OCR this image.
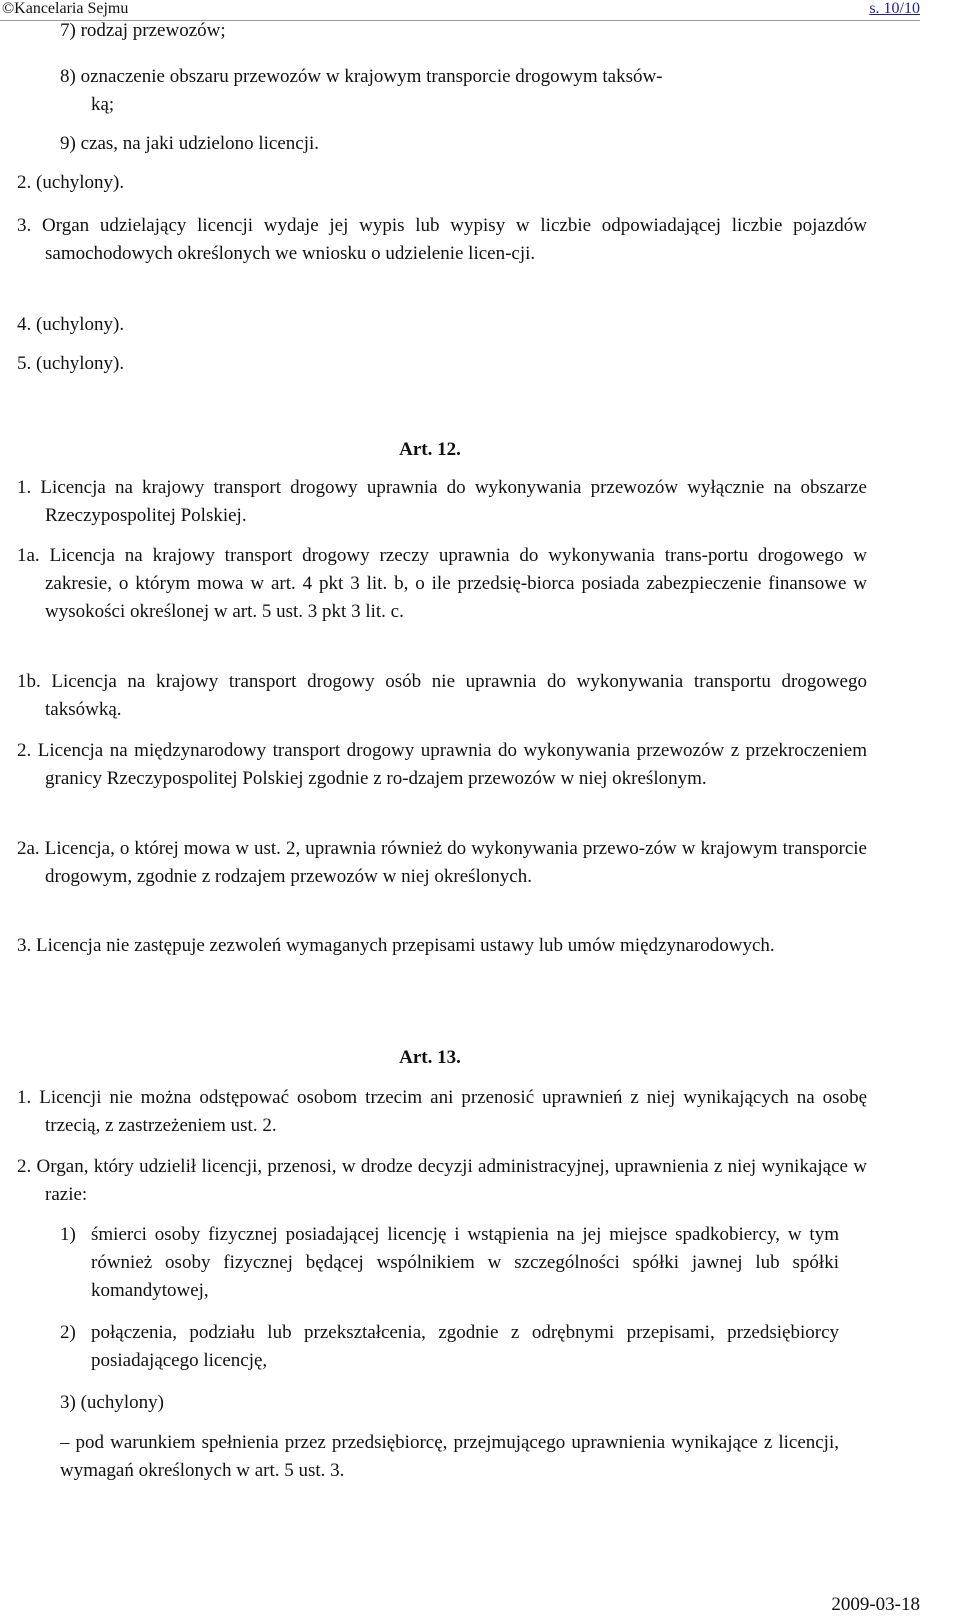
©Kancelaria Sejmu	s. 10/10
7) rodzaj przewozów;
8) oznaczenie obszaru przewozów w krajowym transporcie drogowym taksów-
ką;
9) czas, na jaki udzielono licencji.
2. (uchylony).
3. Organ udzielający licencji wydaje jej wypis lub wypisy w liczbie odpowiadającej liczbie pojazdów samochodowych określonych we wniosku o udzielenie licen-cji.
4. (uchylony).
5. (uchylony).
Art. 12.
1. Licencja na krajowy transport drogowy uprawnia do wykonywania przewozów wyłącznie na obszarze Rzeczypospolitej Polskiej.
1a. Licencja na krajowy transport drogowy rzeczy uprawnia do wykonywania trans-portu drogowego w zakresie, o którym mowa w art. 4 pkt 3 lit. b, o ile przedsię-biorca posiada zabezpieczenie finansowe w wysokości określonej w art. 5 ust. 3 pkt 3 lit. c.
1b. Licencja na krajowy transport drogowy osób nie uprawnia do wykonywania transportu drogowego taksówką.
2. Licencja na międzynarodowy transport drogowy uprawnia do wykonywania przewozów z przekroczeniem granicy Rzeczypospolitej Polskiej zgodnie z ro-dzajem przewozów w niej określonym.
2a. Licencja, o której mowa w ust. 2, uprawnia również do wykonywania przewo-zów w krajowym transporcie drogowym, zgodnie z rodzajem przewozów w niej określonych.
3. Licencja nie zastępuje zezwoleń wymaganych przepisami ustawy lub umów międzynarodowych.
Art. 13.
1. Licencji nie można odstępować osobom trzecim ani przenosić uprawnień z niej wynikających na osobę trzecią, z zastrzeżeniem ust. 2.
2. Organ, który udzielił licencji, przenosi, w drodze decyzji administracyjnej, uprawnienia z niej wynikające w razie:
1) śmierci osoby fizycznej posiadającej licencję i wstąpienia na jej miejsce spadkobiercy, w tym również osoby fizycznej będącej wspólnikiem w szczególności spółki jawnej lub spółki komandytowej,
2) połączenia, podziału lub przekształcenia, zgodnie z odrębnymi przepisami, przedsiębiorcy posiadającego licencję,
3) (uchylony)
– pod warunkiem spełnienia przez przedsiębiorcę, przejmującego uprawnienia wynikające z licencji, wymagań określonych w art. 5 ust. 3.
2009-03-18
